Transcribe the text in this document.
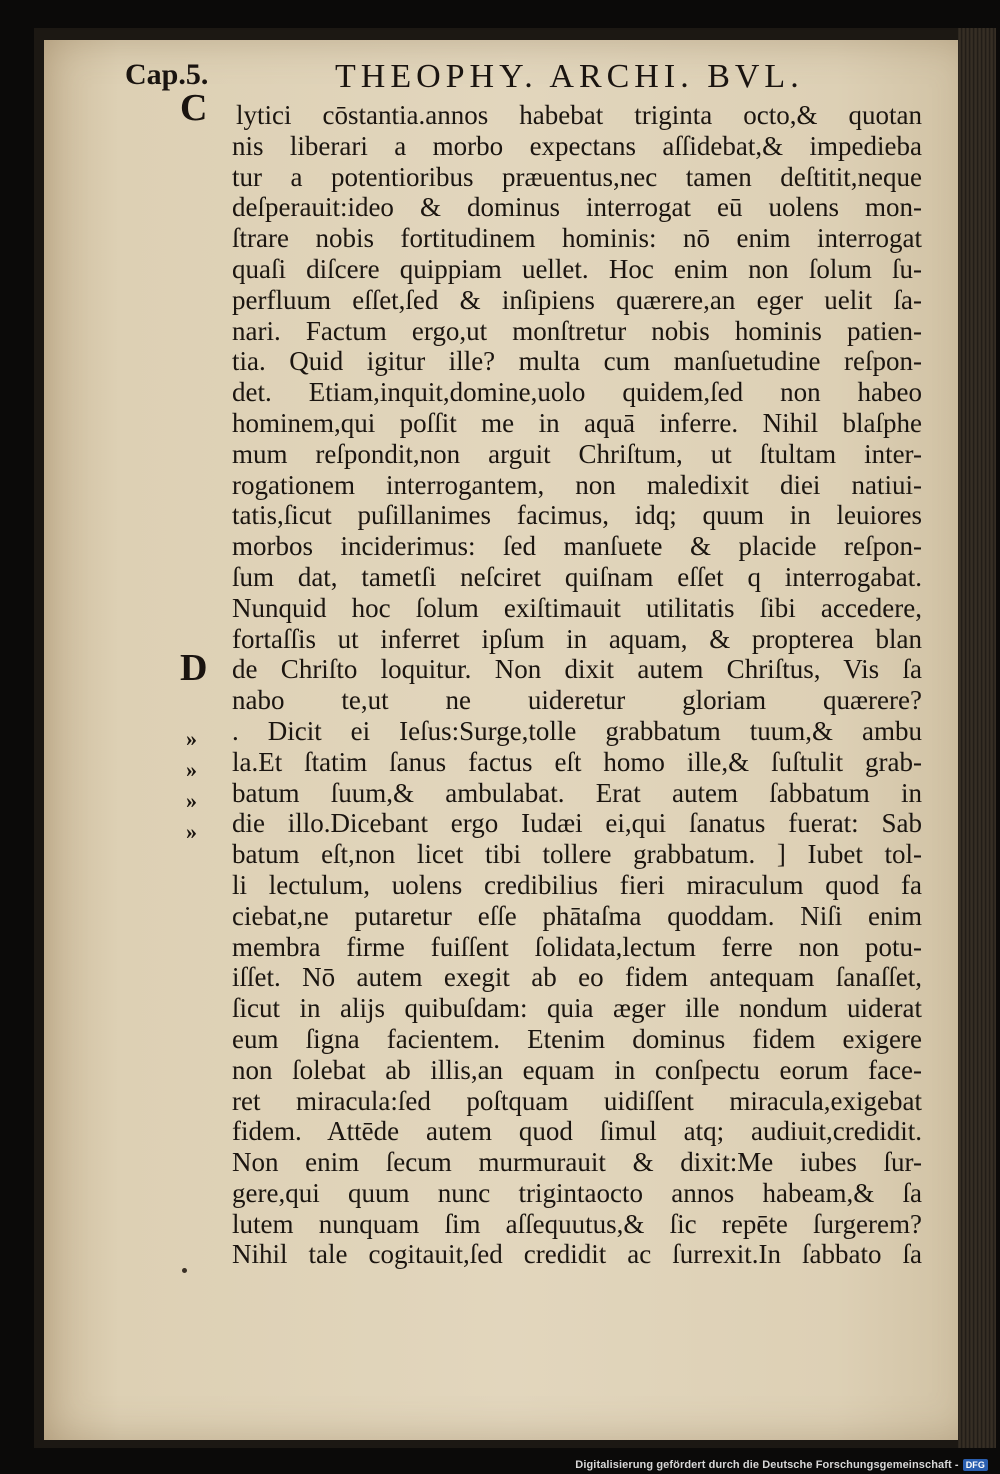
Cap.5.	THEOPHY. ARCHI. BVL.
C
D
»
»
»
»
lytici cōstantia.annos habebat triginta octo,& quotan
nis liberari a morbo expectans aſſidebat,& impedieba
tur a potentioribus præuentus,nec tamen deſtitit,neque
deſperauit:ideo & dominus interrogat eū uolens mon-
ſtrare nobis fortitudinem hominis: nō enim interrogat
quaſi diſcere quippiam uellet. Hoc enim non ſolum ſu-
perfluum eſſet,ſed & inſipiens quærere,an eger uelit ſa-
nari. Factum ergo,ut monſtretur nobis hominis patien-
tia. Quid igitur ille? multa cum manſuetudine reſpon-
det. Etiam,inquit,domine,uolo quidem,ſed non habeo
hominem,qui poſſit me in aquā inferre. Nihil blaſphe
mum reſpondit,non arguit Chriſtum, ut ſtultam inter-
rogationem interrogantem, non maledixit diei natiui-
tatis,ſicut puſillanimes facimus, idq; quum in leuiores
morbos inciderimus: ſed manſuete & placide reſpon-
ſum dat, tametſi neſciret quiſnam eſſet q interrogabat.
Nunquid hoc ſolum exiſtimauit utilitatis ſibi accedere,
fortaſſis ut inferret ipſum in aquam, & propterea blan
de Chriſto loquitur. Non dixit autem Chriſtus, Vis ſa
nabo te,ut ne uideretur gloriam quærere?
. Dicit ei Ieſus:Surge,tolle grabbatum tuum,& ambu
la.Et ſtatim ſanus factus eſt homo ille,& ſuſtulit grab-
batum ſuum,& ambulabat. Erat autem ſabbatum in
die illo.Dicebant ergo Iudæi ei,qui ſanatus fuerat: Sab
batum eſt,non licet tibi tollere grabbatum. ] Iubet tol-
li lectulum, uolens credibilius fieri miraculum quod fa
ciebat,ne putaretur eſſe phātaſma quoddam. Niſi enim
membra firme fuiſſent ſolidata,lectum ferre non potu-
iſſet. Nō autem exegit ab eo fidem antequam ſanaſſet,
ſicut in alijs quibuſdam: quia æger ille nondum uiderat
eum ſigna facientem. Etenim dominus fidem exigere
non ſolebat ab illis,an equam in conſpectu eorum face-
ret miracula:ſed poſtquam uidiſſent miracula,exigebat
fidem. Attēde autem quod ſimul atq; audiuit,credidit.
Non enim ſecum murmurauit & dixit:Me iubes ſur-
gere,qui quum nunc trigintaocto annos habeam,& ſa
lutem nunquam ſim aſſequutus,& ſic repēte ſurgerem?
Nihil tale cogitauit,ſed credidit ac ſurrexit.In ſabbato ſa
Digitalisierung gefördert durch die Deutsche Forschungsgemeinschaft - DFG
